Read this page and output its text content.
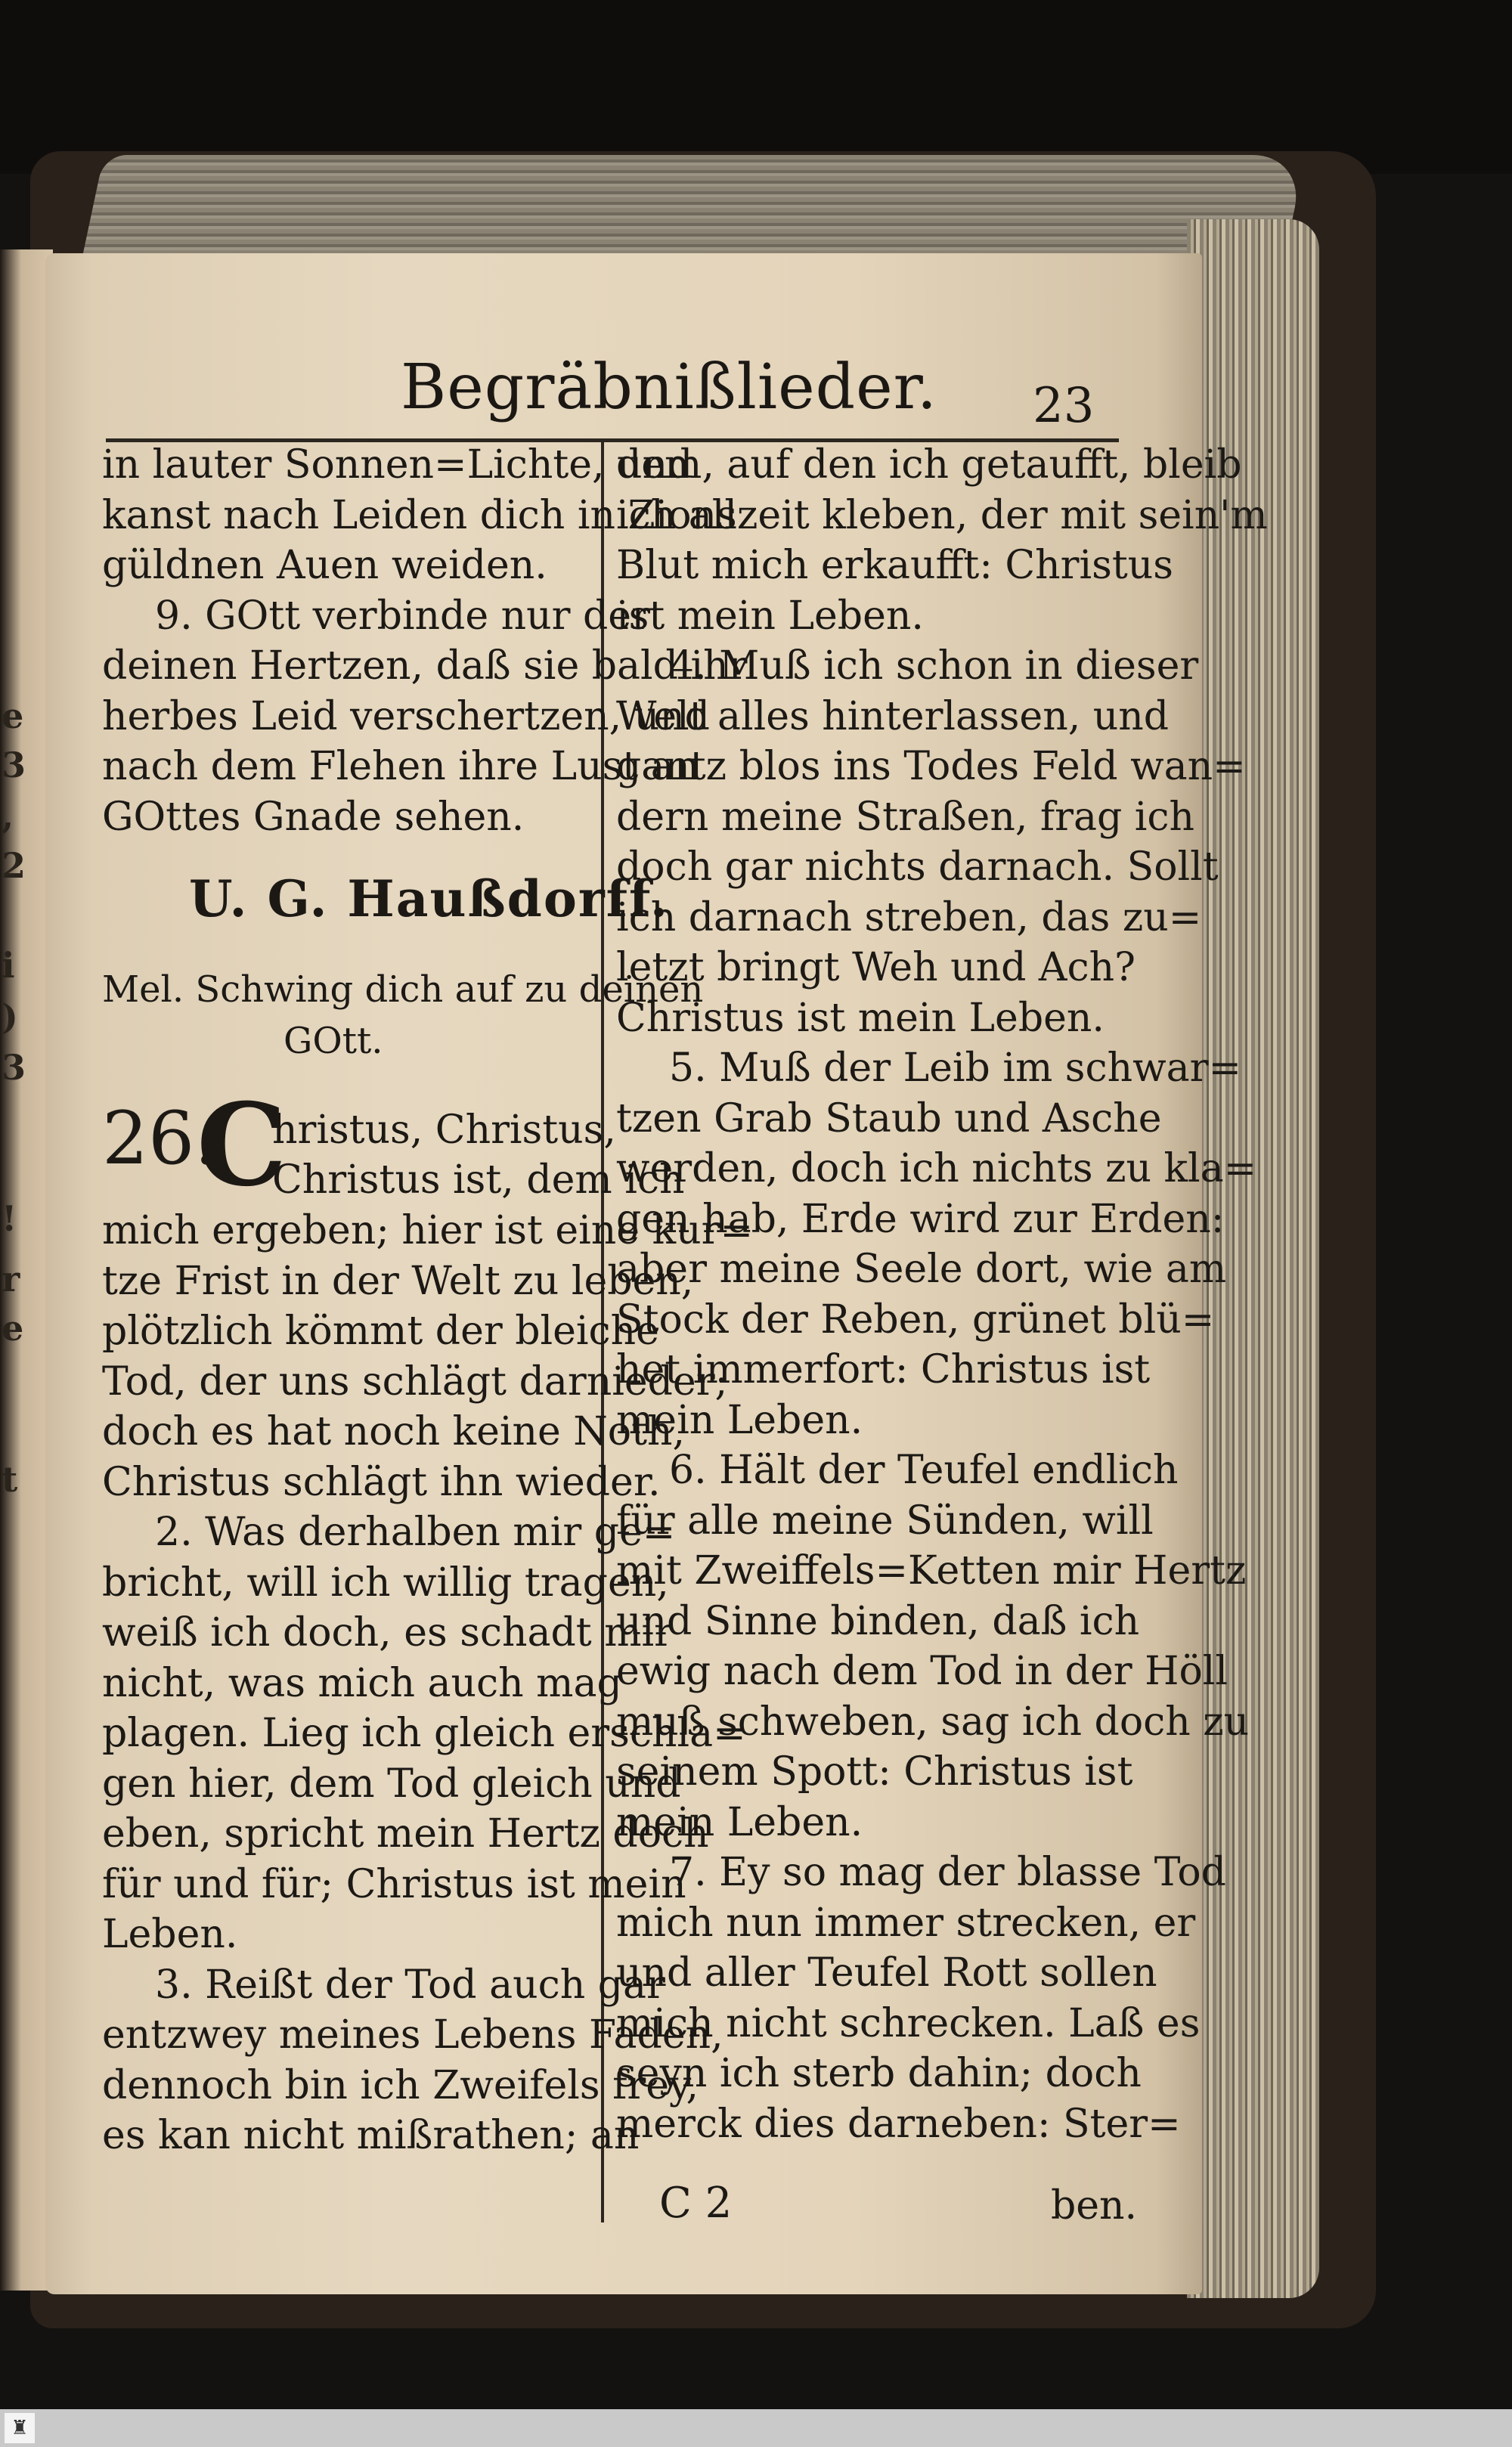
e
3
,
2
i
)
3
!
r
e
t
Begräbnißlieder. 23
in lauter Sonnen=Lichte, und
kanst nach Leiden dich in Zions
güldnen Auen weiden.
9. GOtt verbinde nur der
deinen Hertzen, daß sie bald ihr
herbes Leid verschertzen, und
nach dem Flehen ihre Lust an
GOttes Gnade sehen.
U. G. Haußdorff.
Mel. Schwing dich auf zu deinen
GOtt.
26.
C
hristus, Christus,
Christus ist, dem ich
mich ergeben; hier ist eine kur=
tze Frist in der Welt zu leben,
plötzlich kömmt der bleiche
Tod, der uns schlägt darnieder;
doch es hat noch keine Noth,
Christus schlägt ihn wieder.
2. Was derhalben mir ge=
bricht, will ich willig tragen,
weiß ich doch, es schadt mir
nicht, was mich auch mag
plagen. Lieg ich gleich erschla=
gen hier, dem Tod gleich und
eben, spricht mein Hertz doch
für und für; Christus ist mein
Leben.
3. Reißt der Tod auch gar
entzwey meines Lebens Faden,
dennoch bin ich Zweifels frey,
es kan nicht mißrathen; an
dem, auf den ich getaufft, bleib
ich allzeit kleben, der mit sein'm
Blut mich erkaufft: Christus
ist mein Leben.
4. Muß ich schon in dieser
Welt alles hinterlassen, und
gantz blos ins Todes Feld wan=
dern meine Straßen, frag ich
doch gar nichts darnach. Sollt
ich darnach streben, das zu=
letzt bringt Weh und Ach?
Christus ist mein Leben.
5. Muß der Leib im schwar=
tzen Grab Staub und Asche
werden, doch ich nichts zu kla=
gen hab, Erde wird zur Erden:
aber meine Seele dort, wie am
Stock der Reben, grünet blü=
het immerfort: Christus ist
mein Leben.
6. Hält der Teufel endlich
für alle meine Sünden, will
mit Zweiffels=Ketten mir Hertz
und Sinne binden, daß ich
ewig nach dem Tod in der Höll
muß schweben, sag ich doch zu
seinem Spott: Christus ist
mein Leben.
7. Ey so mag der blasse Tod
mich nun immer strecken, er
und aller Teufel Rott sollen
mich nicht schrecken. Laß es
seyn ich sterb dahin; doch
merck dies darneben: Ster=
C 2	ben.
♜
